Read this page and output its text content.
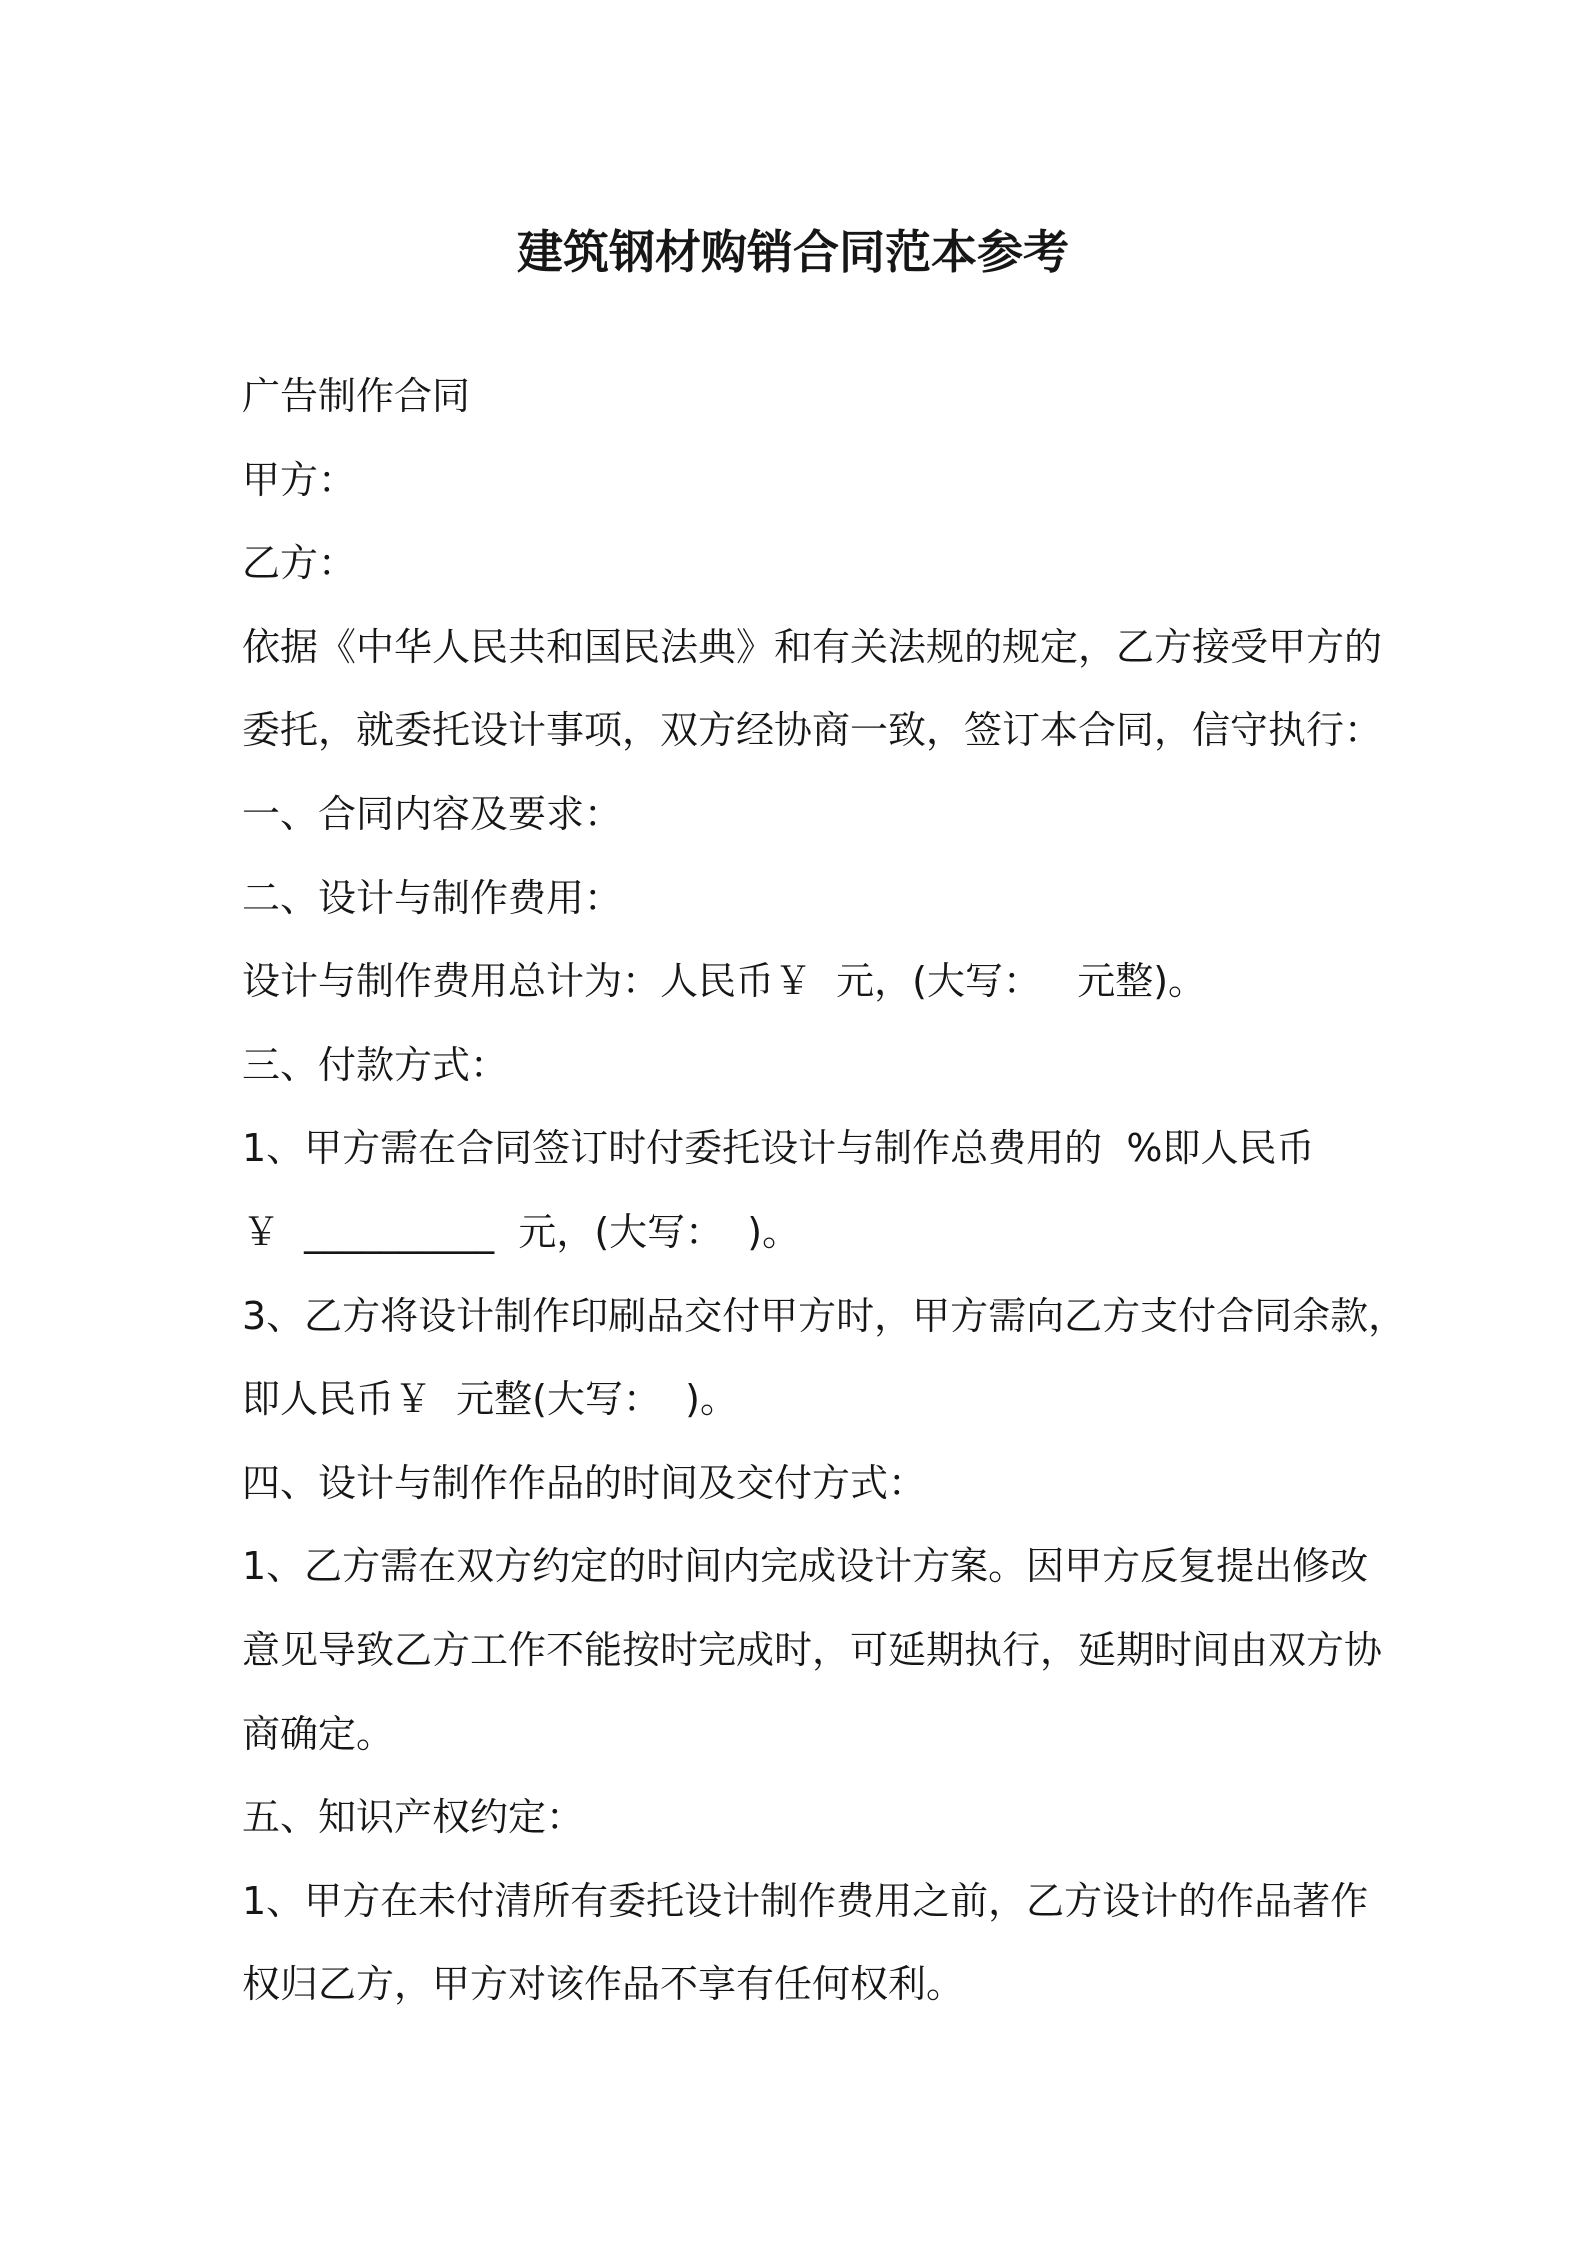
建筑钢材购销合同范本参考
广告制作合同
甲方：
乙方：
依据《中华人民共和国民法典》和有关法规的规定，乙方接受甲方的
委托，就委托设计事项，双方经协商一致，签订本合同，信守执行：
一、合同内容及要求：
二、设计与制作费用：
设计与制作费用总计为：人民币￥  元，(大写：   元整)。
三、付款方式：
1、甲方需在合同签订时付委托设计与制作总费用的  %即人民币
￥  __________  元，(大写：  )。
3、乙方将设计制作印刷品交付甲方时，甲方需向乙方支付合同余款，
即人民币￥  元整(大写：  )。
四、设计与制作作品的时间及交付方式：
1、乙方需在双方约定的时间内完成设计方案。因甲方反复提出修改
意见导致乙方工作不能按时完成时，可延期执行，延期时间由双方协
商确定。
五、知识产权约定：
1、甲方在未付清所有委托设计制作费用之前，乙方设计的作品著作
权归乙方，甲方对该作品不享有任何权利。
